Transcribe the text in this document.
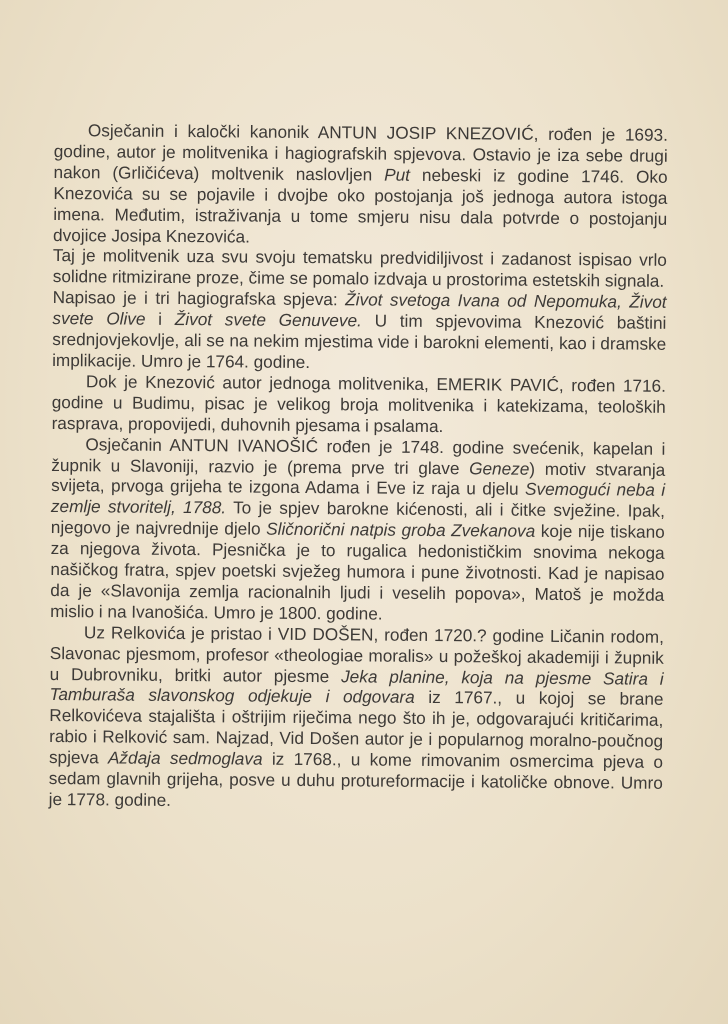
Osječanin i kaločki kanonik ANTUN JOSIP KNEZOVIĆ, rođen je 1693. godine, autor je molitvenika i hagiografskih spjevova. Ostavio je iza sebe drugi nakon (Grličićeva) moltvenik naslovljen Put nebeski iz godine 1746. Oko Knezovića su se pojavile i dvojbe oko postojanja još jednoga autora istoga imena. Međutim, istraživanja u tome smjeru nisu dala potvrde o postojanju dvojice Josipa Knezovića.

Taj je molitvenik uza svu svoju tematsku predvidiljivost i zadanost ispisao vrlo solidne ritmizirane proze, čime se pomalo izdvaja u prostorima estetskih signala.

Napisao je i tri hagiografska spjeva: Život svetoga Ivana od Nepomuka, Život svete Olive i Život svete Genuveve. U tim spjevovima Knezović baštini srednjovjekovlje, ali se na nekim mjestima vide i barokni elementi, kao i dramske implikacije. Umro je 1764. godine.

Dok je Knezović autor jednoga molitvenika, EMERIK PAVIĆ, rođen 1716. godine u Budimu, pisac je velikog broja molitvenika i katekizama, teoloških rasprava, propovijedi, duhovnih pjesama i psalama.

Osječanin ANTUN IVANOŠIĆ rođen je 1748. godine svećenik, kapelan i župnik u Slavoniji, razvio je (prema prve tri glave Geneze) motiv stvaranja svijeta, prvoga grijeha te izgona Adama i Eve iz raja u djelu Svemogući neba i zemlje stvoritelj, 1788. To je spjev barokne kićenosti, ali i čitke svježine. Ipak, njegovo je najvrednije djelo Sličnorični natpis groba Zvekanova koje nije tiskano za njegova života. Pjesnička je to rugalica hedonističkim snovima nekoga našičkog fratra, spjev poetski svježeg humora i pune životnosti. Kad je napisao da je «Slavonija zemlja racionalnih ljudi i veselih popova», Matoš je možda mislio i na Ivanošića. Umro je 1800. godine.

Uz Relkovića je pristao i VID DOŠEN, rođen 1720.? godine Ličanin rodom, Slavonac pjesmom, profesor «theologiae moralis» u požeškoj akademiji i župnik u Dubrovniku, britki autor pjesme Jeka planine, koja na pjesme Satira i Tamburaša slavonskog odjekuje i odgovara iz 1767., u kojoj se brane Relkovićeva stajališta i oštrijim riječima nego što ih je, odgovarajući kritičarima, rabio i Relković sam. Najzad, Vid Došen autor je i popularnog moralno-poučnog spjeva Aždaja sedmoglava iz 1768., u kome rimovanim osmercima pjeva o sedam glavnih grijeha, posve u duhu protureformacije i katoličke obnove. Umro je 1778. godine.
